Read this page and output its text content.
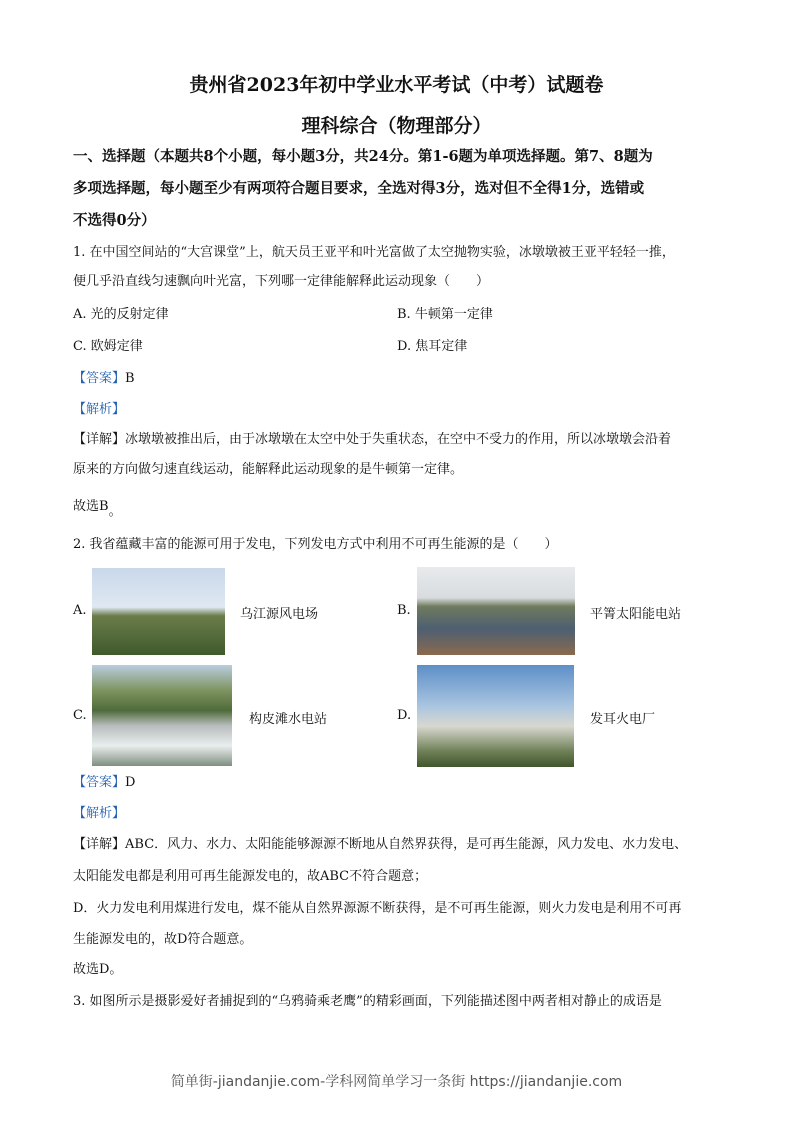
贵州省2023年初中学业水平考试（中考）试题卷
理科综合（物理部分）
一、选择题（本题共8个小题，每小题3分，共24分。第1-6题为单项选择题。第7、8题为
多项选择题，每小题至少有两项符合题目要求，全选对得3分，选对但不全得1分，选错或
不选得0分）
1. 在中国空间站的“大宫课堂”上，航天员王亚平和叶光富做了太空抛物实验，冰墩墩被王亚平轻轻一推，
便几乎沿直线匀速飘向叶光富，下列哪一定律能解释此运动现象（　　）
A. 光的反射定律	B. 牛顿第一定律
C. 欧姆定律	D. 焦耳定律
【答案】B
【解析】
【详解】冰墩墩被推出后，由于冰墩墩在太空中处于失重状态，在空中不受力的作用，所以冰墩墩会沿着
原来的方向做匀速直线运动，能解释此运动现象的是牛顿第一定律。
故选B。
2. 我省蕴藏丰富的能源可用于发电，下列发电方式中利用不可再生能源的是（　　）
A.	乌江源风电场	B.	平箐太阳能电站
C.	构皮滩水电站	D.	发耳火电厂
【答案】D
【解析】
【详解】ABC．风力、水力、太阳能能够源源不断地从自然界获得，是可再生能源，风力发电、水力发电、
太阳能发电都是利用可再生能源发电的，故ABC不符合题意；
D．火力发电利用煤进行发电，煤不能从自然界源源不断获得，是不可再生能源，则火力发电是利用不可再
生能源发电的，故D符合题意。
故选D。
3. 如图所示是摄影爱好者捕捉到的“乌鸦骑乘老鹰”的精彩画面，下列能描述图中两者相对静止的成语是
简单街-jiandanjie.com-学科网简单学习一条街 https://jiandanjie.com
